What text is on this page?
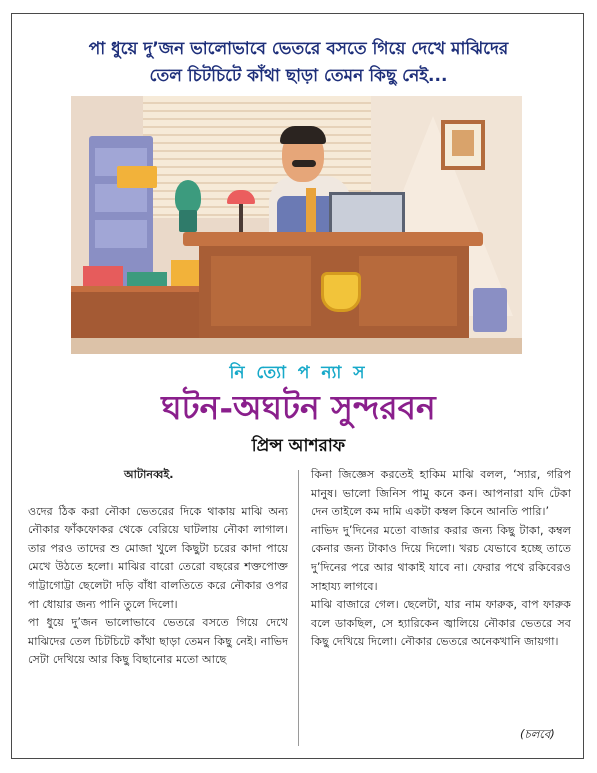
পা ধুয়ে দু’জন ভালোভাবে ভেতরে বসতে গিয়ে দেখে মাঝিদের
তেল চিটচিটে কাঁথা ছাড়া তেমন কিছু নেই...
নি ত্যো প ন্যা স
ঘটন-অঘটন সুন্দরবন
প্রিন্স আশরাফ
আটানব্বই.

ওদের ঠিক করা নৌকা ভেতরের দিকে থাকায় মাঝি অন্য নৌকার ফাঁকফোকর থেকে বেরিয়ে ঘাটলায় নৌকা লাগাল। তার পরও তাদের শু মোজা খুলে কিছুটা চরের কাদা পায়ে মেখে উঠতে হলো। মাঝির বারো তেরো বছরের শক্তপোক্ত গাট্টাগোট্টা ছেলেটা দড়ি বাঁধা বালতিতে করে নৌকার ওপর পা ধোয়ার জন্য পানি তুলে দিলো।

পা ধুয়ে দু’জন ভালোভাবে ভেতরে বসতে গিয়ে দেখে মাঝিদের তেল চিটচিটে কাঁথা ছাড়া তেমন কিছু নেই। নাভিদ সেটা দেখিয়ে আর কিছু বিছানোর মতো আছে

কিনা জিজ্ঞেস করতেই হাকিম মাঝি বলল, ‘স্যার, গরিপ মানুষ। ভালো জিনিস পামু কনে কন। আপনারা যদি টেকা দেন তাইলে কম দামি একটা কম্বল কিনে আনতি পারি।’

নাভিদ দু’দিনের মতো বাজার করার জন্য কিছু টাকা, কম্বল কেনার জন্য টাকাও দিয়ে দিলো। খরচ যেভাবে হচ্ছে তাতে দু’দিনের পরে আর থাকাই যাবে না। ফেরার পথে রকিবেরও সাহায্য লাগবে।

মাঝি বাজারে গেল। ছেলেটা, যার নাম ফারুক, বাপ ফারুক বলে ডাকছিল, সে হ্যারিকেন জ্বালিয়ে নৌকার ভেতরে সব কিছু দেখিয়ে দিলো। নৌকার ভেতরে অনেকখানি জায়গা।

(চলবে)
